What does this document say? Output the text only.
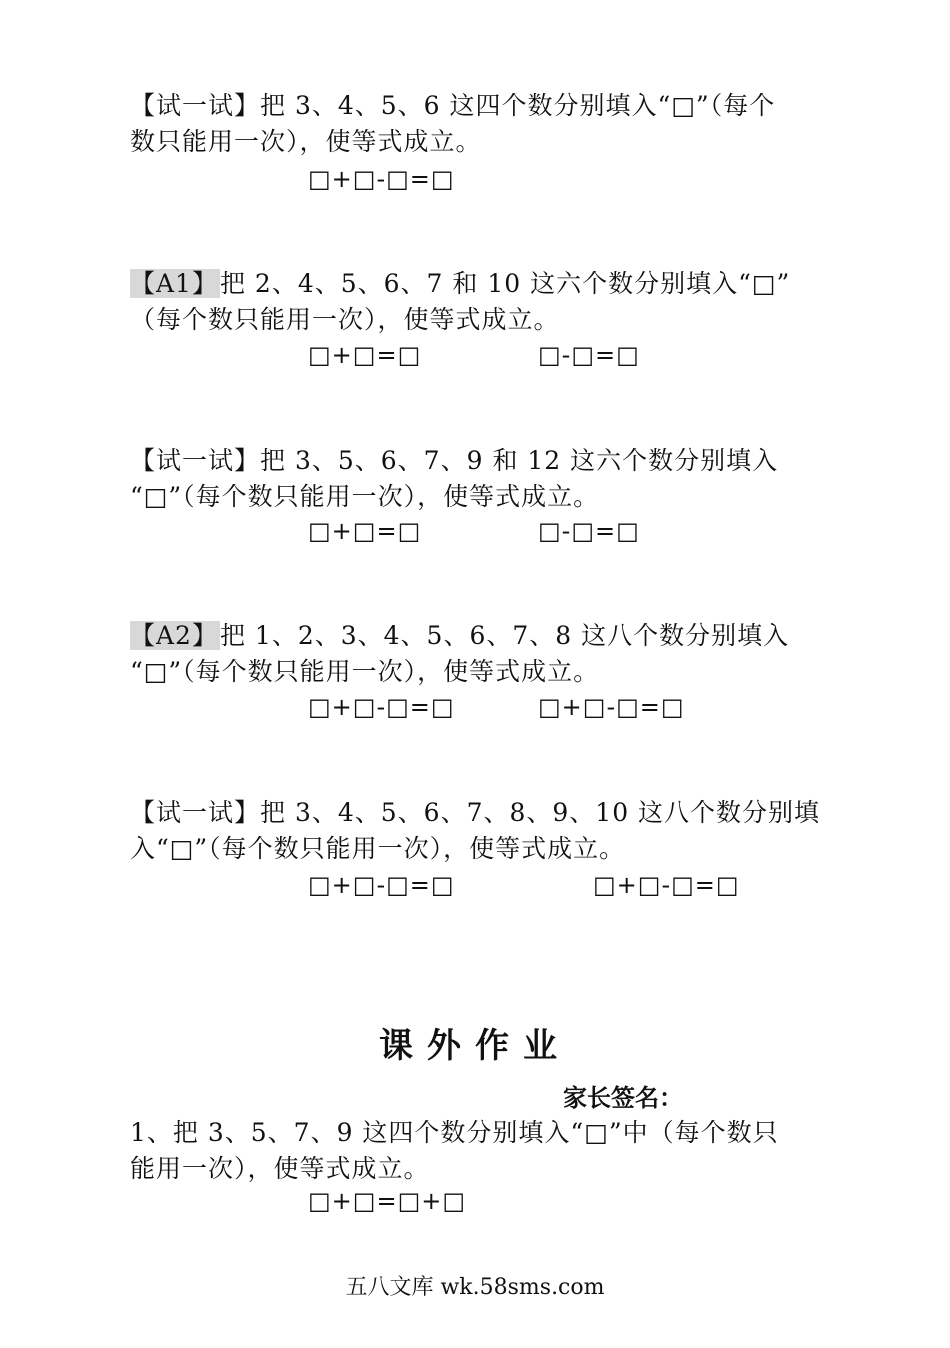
【试一试】把 3、4、5、6 这四个数分别填入“□”（每个
数只能用一次），使等式成立。
□+□-□=□
【A1】把 2、4、5、6、7 和 10 这六个数分别填入“□”
（每个数只能用一次），使等式成立。
□+□=□	□-□=□
【试一试】把 3、5、6、7、9 和 12 这六个数分别填入
“□”（每个数只能用一次），使等式成立。
□+□=□	□-□=□
【A2】把 1、2、3、4、5、6、7、8 这八个数分别填入
“□”（每个数只能用一次），使等式成立。
□+□-□=□	□+□-□=□
【试一试】把 3、4、5、6、7、8、9、10 这八个数分别填
入“□”（每个数只能用一次），使等式成立。
□+□-□=□	□+□-□=□
课外作业
家长签名：
1、把 3、5、7、9 这四个数分别填入“□”中（每个数只
能用一次），使等式成立。
□+□=□+□
五八文库 wk.58sms.com
